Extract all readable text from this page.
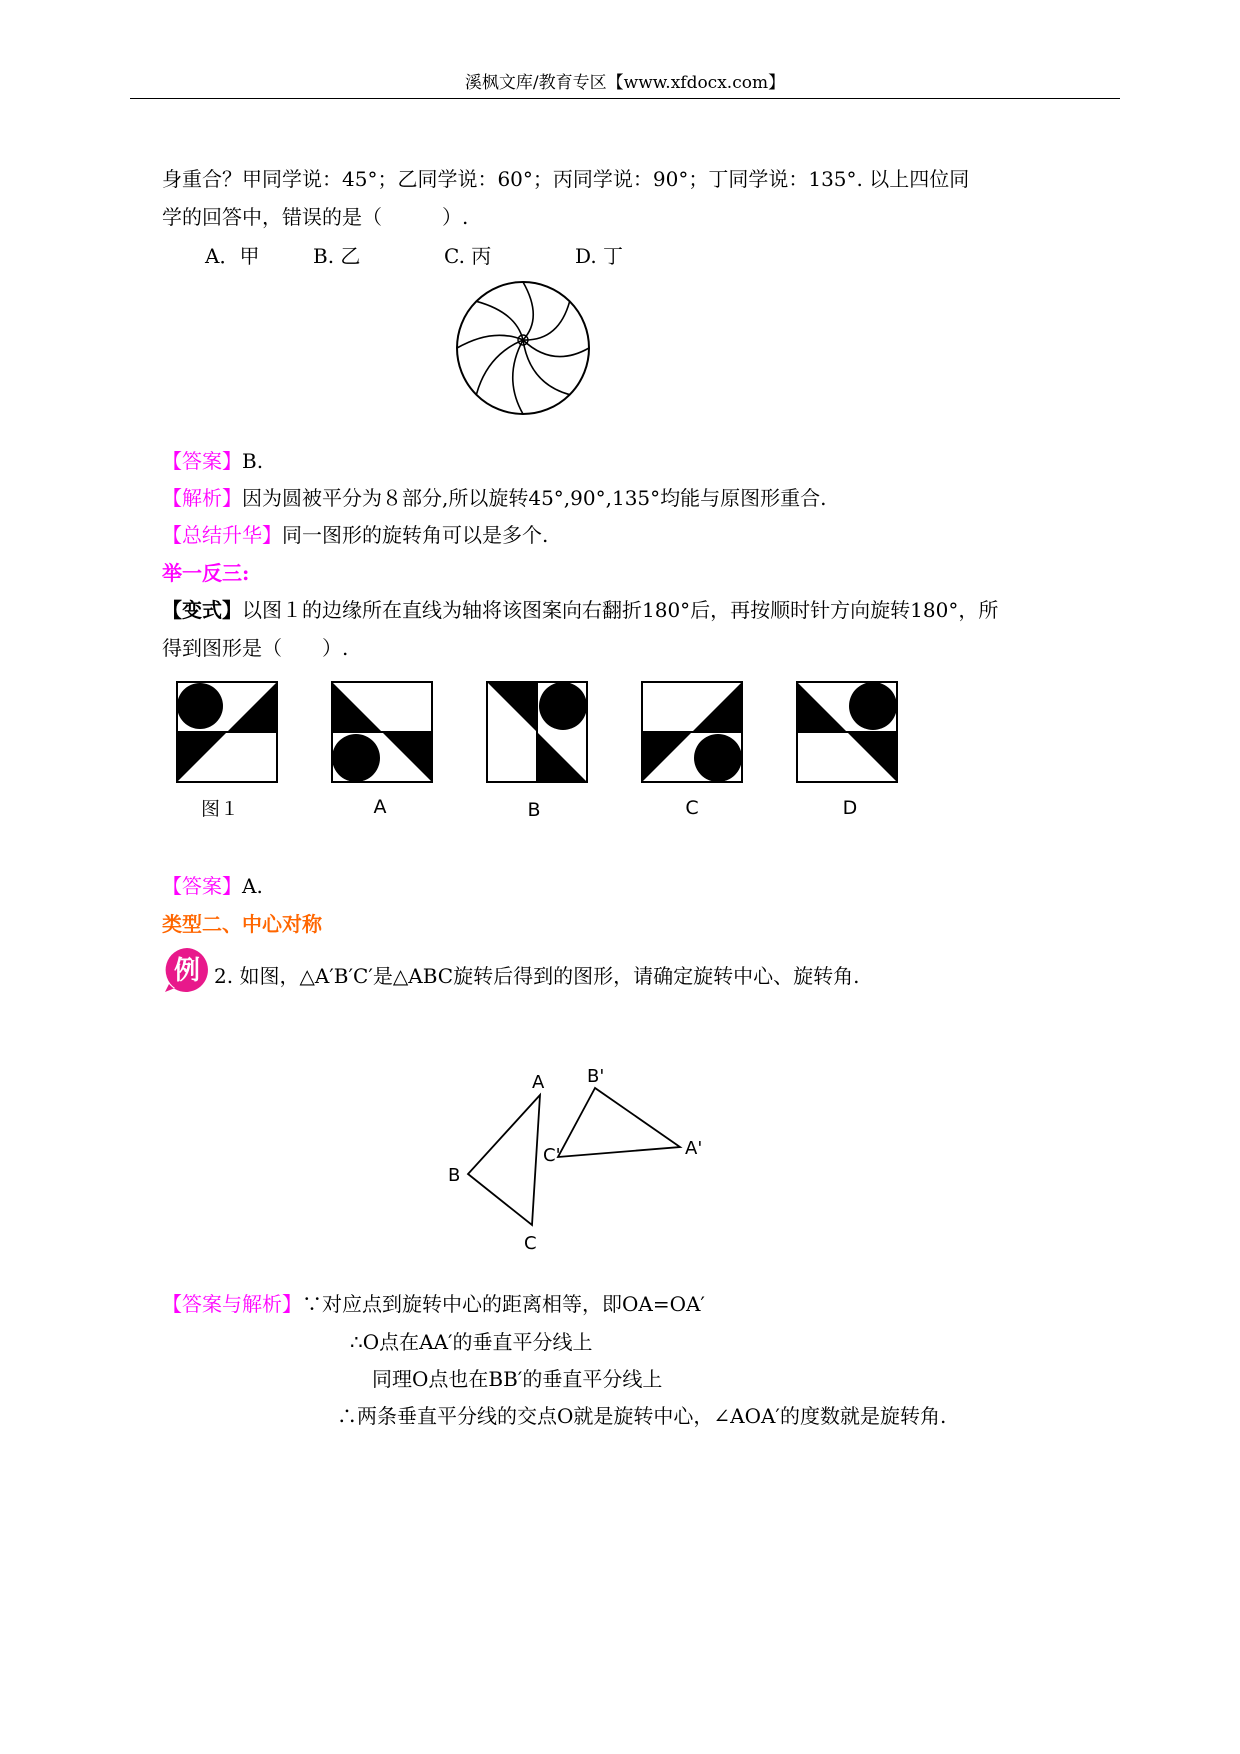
溪枫文库/教育专区【www.xfdocx.com】
身重合？甲同学说：45°；乙同学说：60°；丙同学说：90°；丁同学说：135°. 以上四位同
学的回答中，错误的是（　　　）.
A．甲	B. 乙	C. 丙	D. 丁
【答案】B.
【解析】因为圆被平分为８部分,所以旋转45°,90°,135°均能与原图形重合.
【总结升华】同一图形的旋转角可以是多个.
举一反三:
【变式】以图１的边缘所在直线为轴将该图案向右翻折180°后，再按顺时针方向旋转180°，所
得到图形是（　　）.
图１	A	B	C	D
【答案】A.
类型二、中心对称
例 2. 如图，△A′B′C′是△ABC旋转后得到的图形，请确定旋转中心、旋转角.
A
B
C
B'
C'	A'
【答案与解析】∵对应点到旋转中心的距离相等，即OA=OA′
∴O点在AA′的垂直平分线上
同理O点也在BB′的垂直平分线上
∴两条垂直平分线的交点O就是旋转中心，∠AOA′的度数就是旋转角.
